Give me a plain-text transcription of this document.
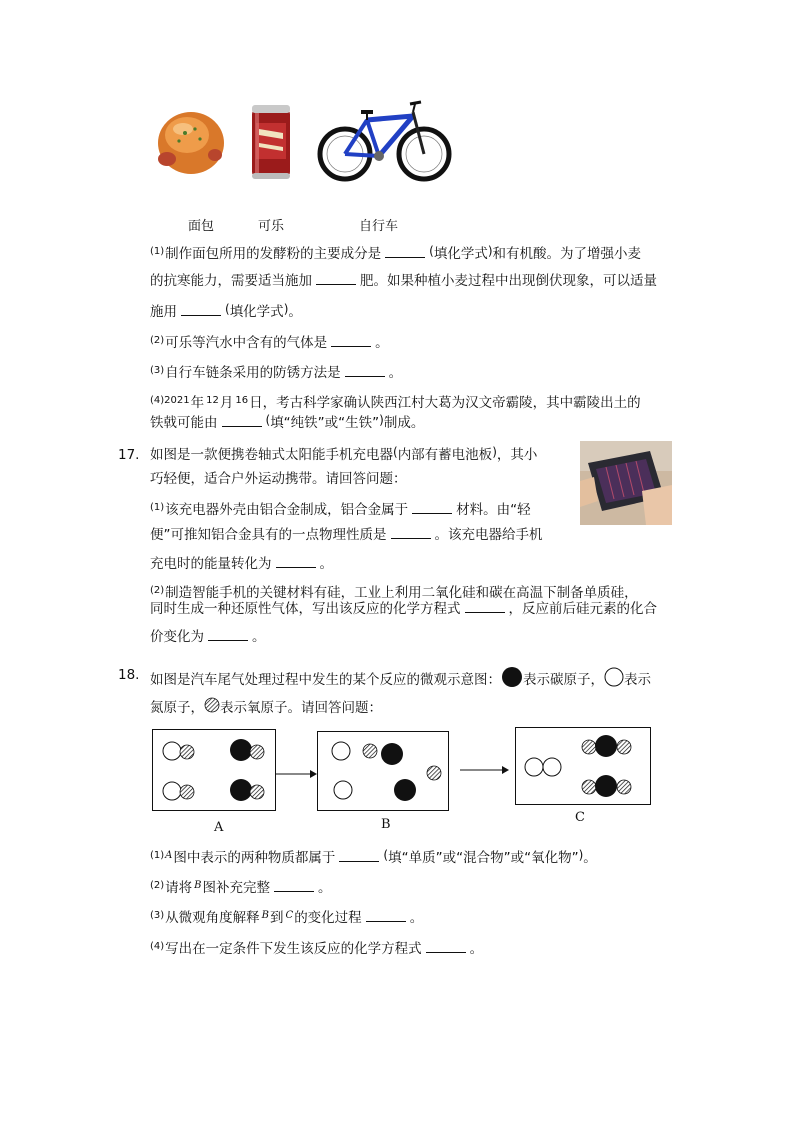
面包	可乐	自行车
$^{(1)}$制作面包所用的发酵粉的主要成分是	(填化学式)和有机酸。为了增强小麦
的抗寒能力，需要适当施加	肥。如果种植小麦过程中出现倒伏现象，可以适量
施用	(填化学式)。
$^{(2)}$可乐等汽水中含有的气体是	。
$^{(3)}$自行车链条采用的防锈方法是	。
$^{(4)2021}$年 $^{12}$月 $^{16}$日，考古科学家确认陕西江村大葛为汉文帝霸陵，其中霸陵出土的
铁戟可能由	(填“纯铁”或“生铁”)制成。
17. 如图是一款便携卷轴式太阳能手机充电器(内部有蓄电池板)，其小
巧轻便，适合户外运动携带。请回答问题：
$^{(1)}$该充电器外壳由铝合金制成，铝合金属于	材料。由“轻
便”可推知铝合金具有的一点物理性质是	。该充电器给手机
充电时的能量转化为	。
$^{(2)}$制造智能手机的关键材料有硅，工业上利用二氧化硅和碳在高温下制备单质硅，
同时生成一种还原性气体，写出该反应的化学方程式	，反应前后硅元素的化合
价变化为	。
18. 如图是汽车尾气处理过程中发生的某个反应的微观示意图： 表示碳原子， 表示
氮原子， 表示氧原子。请回答问题：
A	B	C
$^{(1)A}$图中表示的两种物质都属于	(填“单质”或“混合物”或“氧化物”)。
$^{(2)}$请将 $^B$图补充完整	。
$^{(3)}$从微观角度解释 $^B$到 $^C$的变化过程	。
$^{(4)}$写出在一定条件下发生该反应的化学方程式	。
